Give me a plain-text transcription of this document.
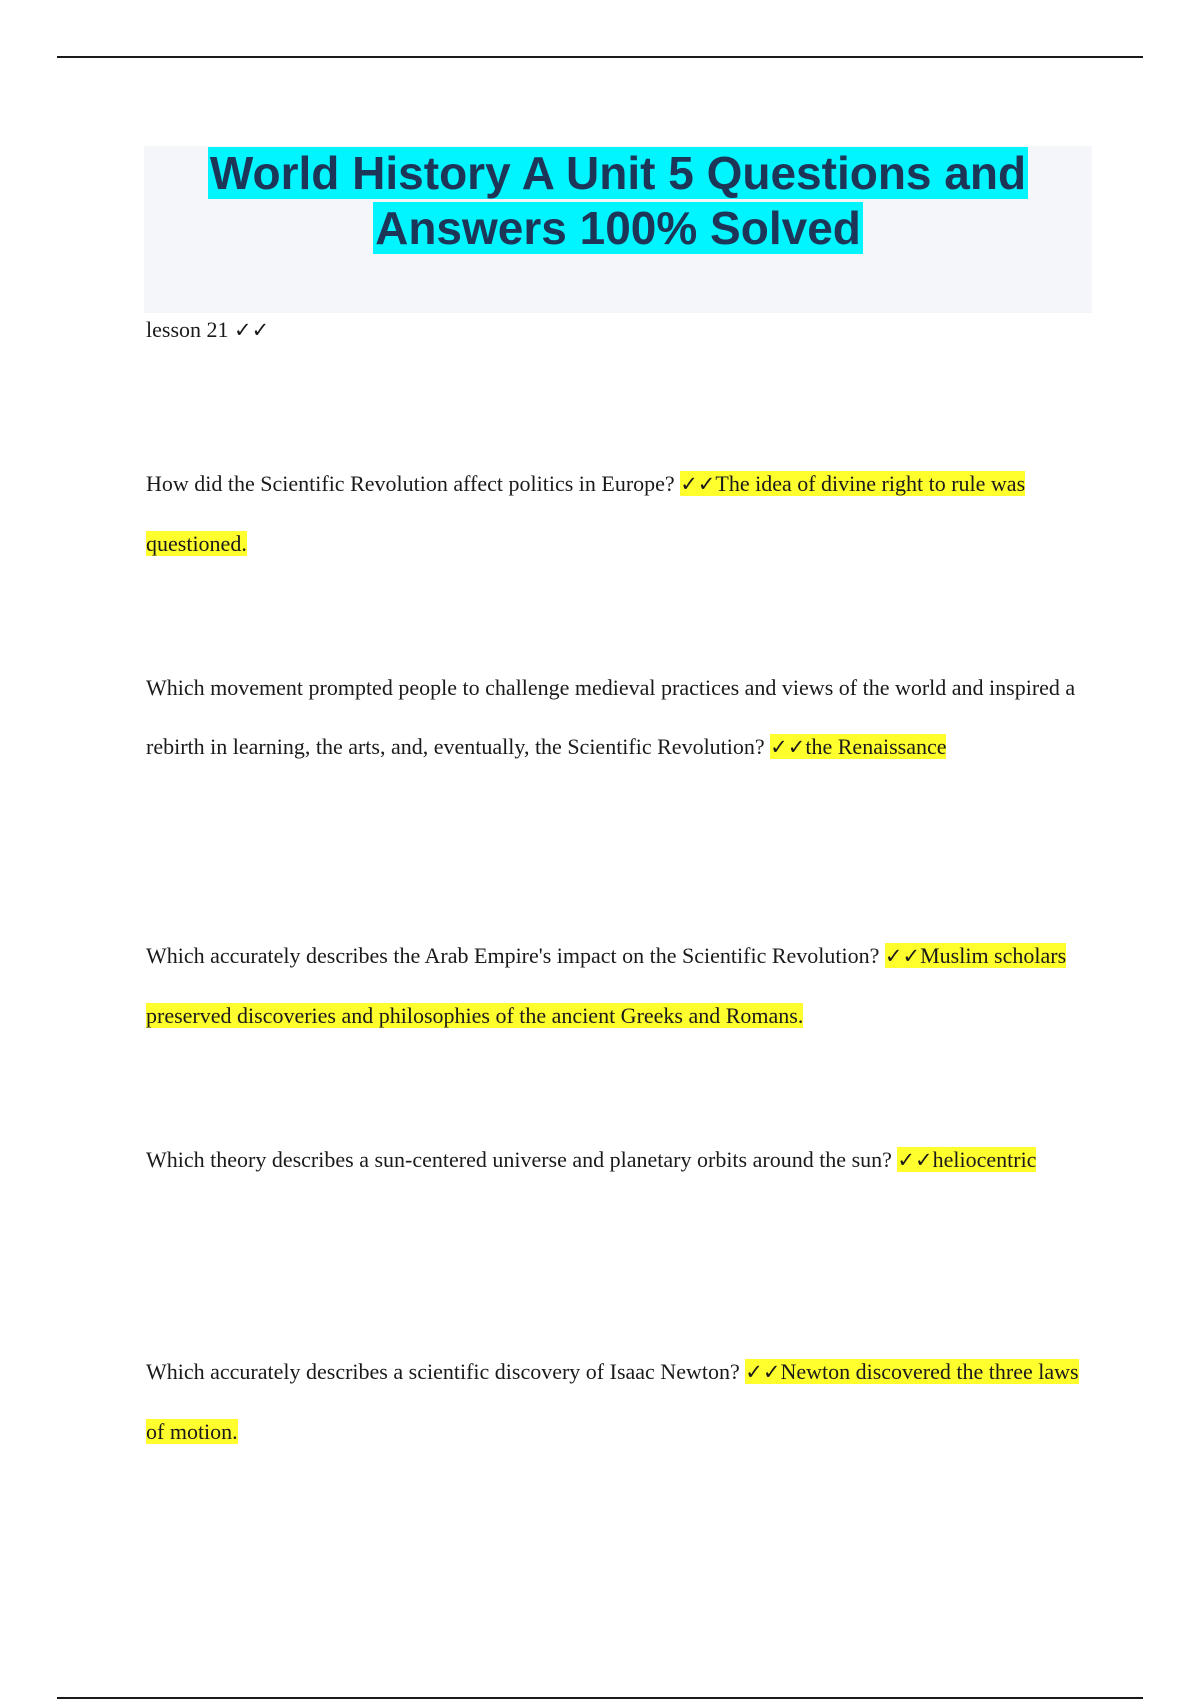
World History A Unit 5 Questions and Answers 100% Solved
lesson 21 ✓✓
How did the Scientific Revolution affect politics in Europe? ✓✓The idea of divine right to rule was questioned.
Which movement prompted people to challenge medieval practices and views of the world and inspired a rebirth in learning, the arts, and, eventually, the Scientific Revolution? ✓✓the Renaissance
Which accurately describes the Arab Empire's impact on the Scientific Revolution? ✓✓Muslim scholars preserved discoveries and philosophies of the ancient Greeks and Romans.
Which theory describes a sun-centered universe and planetary orbits around the sun? ✓✓heliocentric
Which accurately describes a scientific discovery of Isaac Newton? ✓✓Newton discovered the three laws of motion.
